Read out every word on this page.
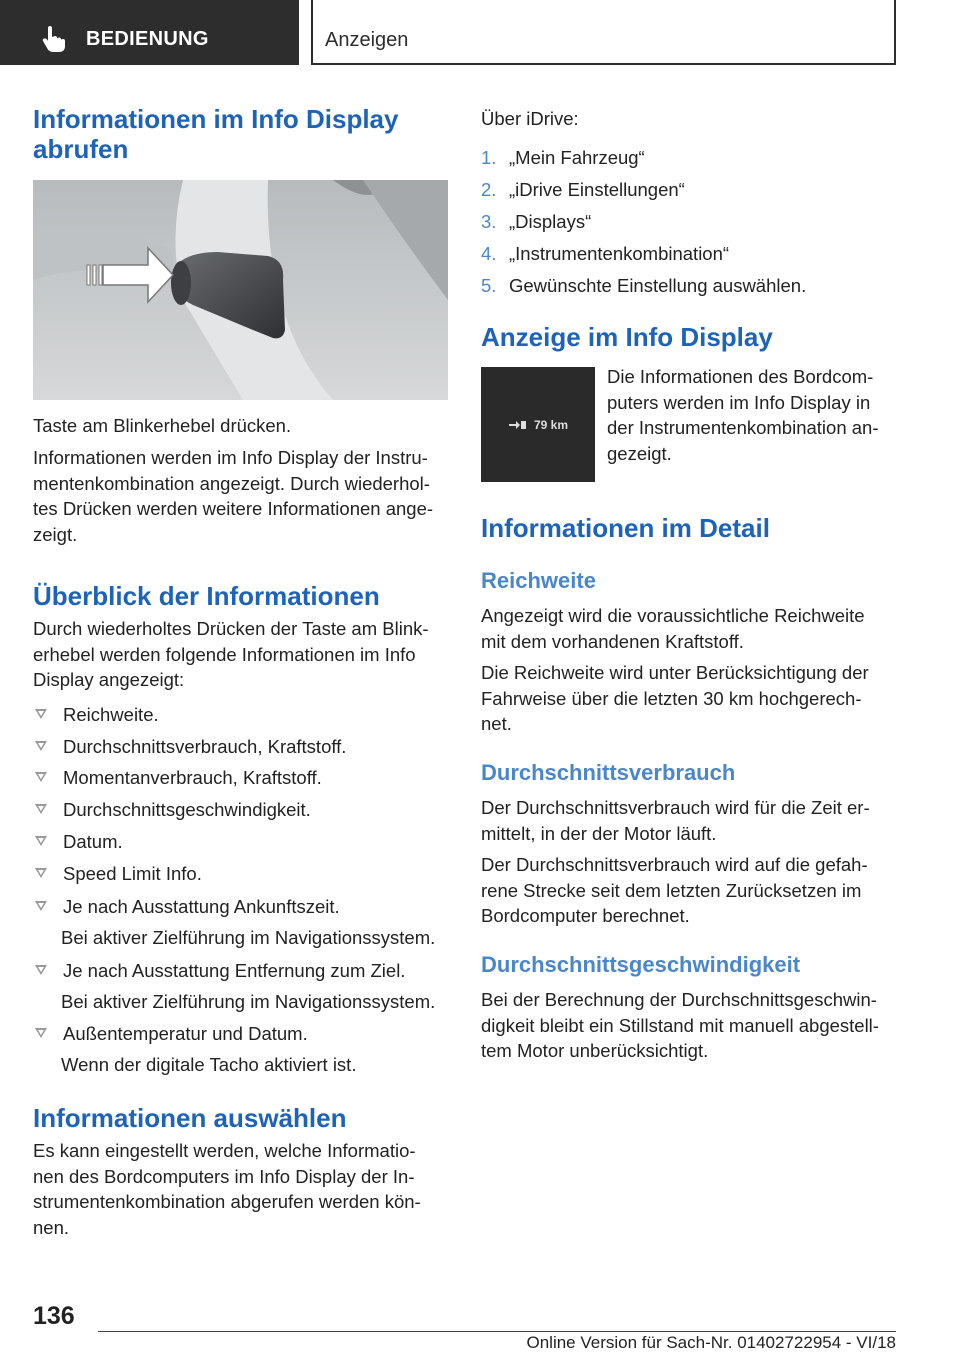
BEDIENUNG	Anzeigen
Informationen im Info Display
abrufen
Taste am Blinkerhebel drücken.
Informationen werden im Info Display der Instru-
mentenkombination angezeigt. Durch wiederhol-
tes Drücken werden weitere Informationen ange-
zeigt.
Überblick der Informationen
Durch wiederholtes Drücken der Taste am Blink-
erhebel werden folgende Informationen im Info
Display angezeigt:
Reichweite.
Durchschnittsverbrauch, Kraftstoff.
Momentanverbrauch, Kraftstoff.
Durchschnittsgeschwindigkeit.
Datum.
Speed Limit Info.
Je nach Ausstattung Ankunftszeit.
Bei aktiver Zielführung im Navigationssystem.
Je nach Ausstattung Entfernung zum Ziel.
Bei aktiver Zielführung im Navigationssystem.
Außentemperatur und Datum.
Wenn der digitale Tacho aktiviert ist.
Informationen auswählen
Es kann eingestellt werden, welche Informatio-
nen des Bordcomputers im Info Display der In-
strumentenkombination abgerufen werden kön-
nen.
Über iDrive:
1. „Mein Fahrzeug“
2. „iDrive Einstellungen“
3. „Displays“
4. „Instrumentenkombination“
5. Gewünschte Einstellung auswählen.
Anzeige im Info Display
79 km
Die Informationen des Bordcom-
puters werden im Info Display in
der Instrumentenkombination an-
gezeigt.
Informationen im Detail
Reichweite
Angezeigt wird die voraussichtliche Reichweite
mit dem vorhandenen Kraftstoff.
Die Reichweite wird unter Berücksichtigung der
Fahrweise über die letzten 30 km hochgerech-
net.
Durchschnittsverbrauch
Der Durchschnittsverbrauch wird für die Zeit er-
mittelt, in der der Motor läuft.
Der Durchschnittsverbrauch wird auf die gefah-
rene Strecke seit dem letzten Zurücksetzen im
Bordcomputer berechnet.
Durchschnittsgeschwindigkeit
Bei der Berechnung der Durchschnittsgeschwin-
digkeit bleibt ein Stillstand mit manuell abgestell-
tem Motor unberücksichtigt.
136
Online Version für Sach-Nr. 01402722954 - VI/18
